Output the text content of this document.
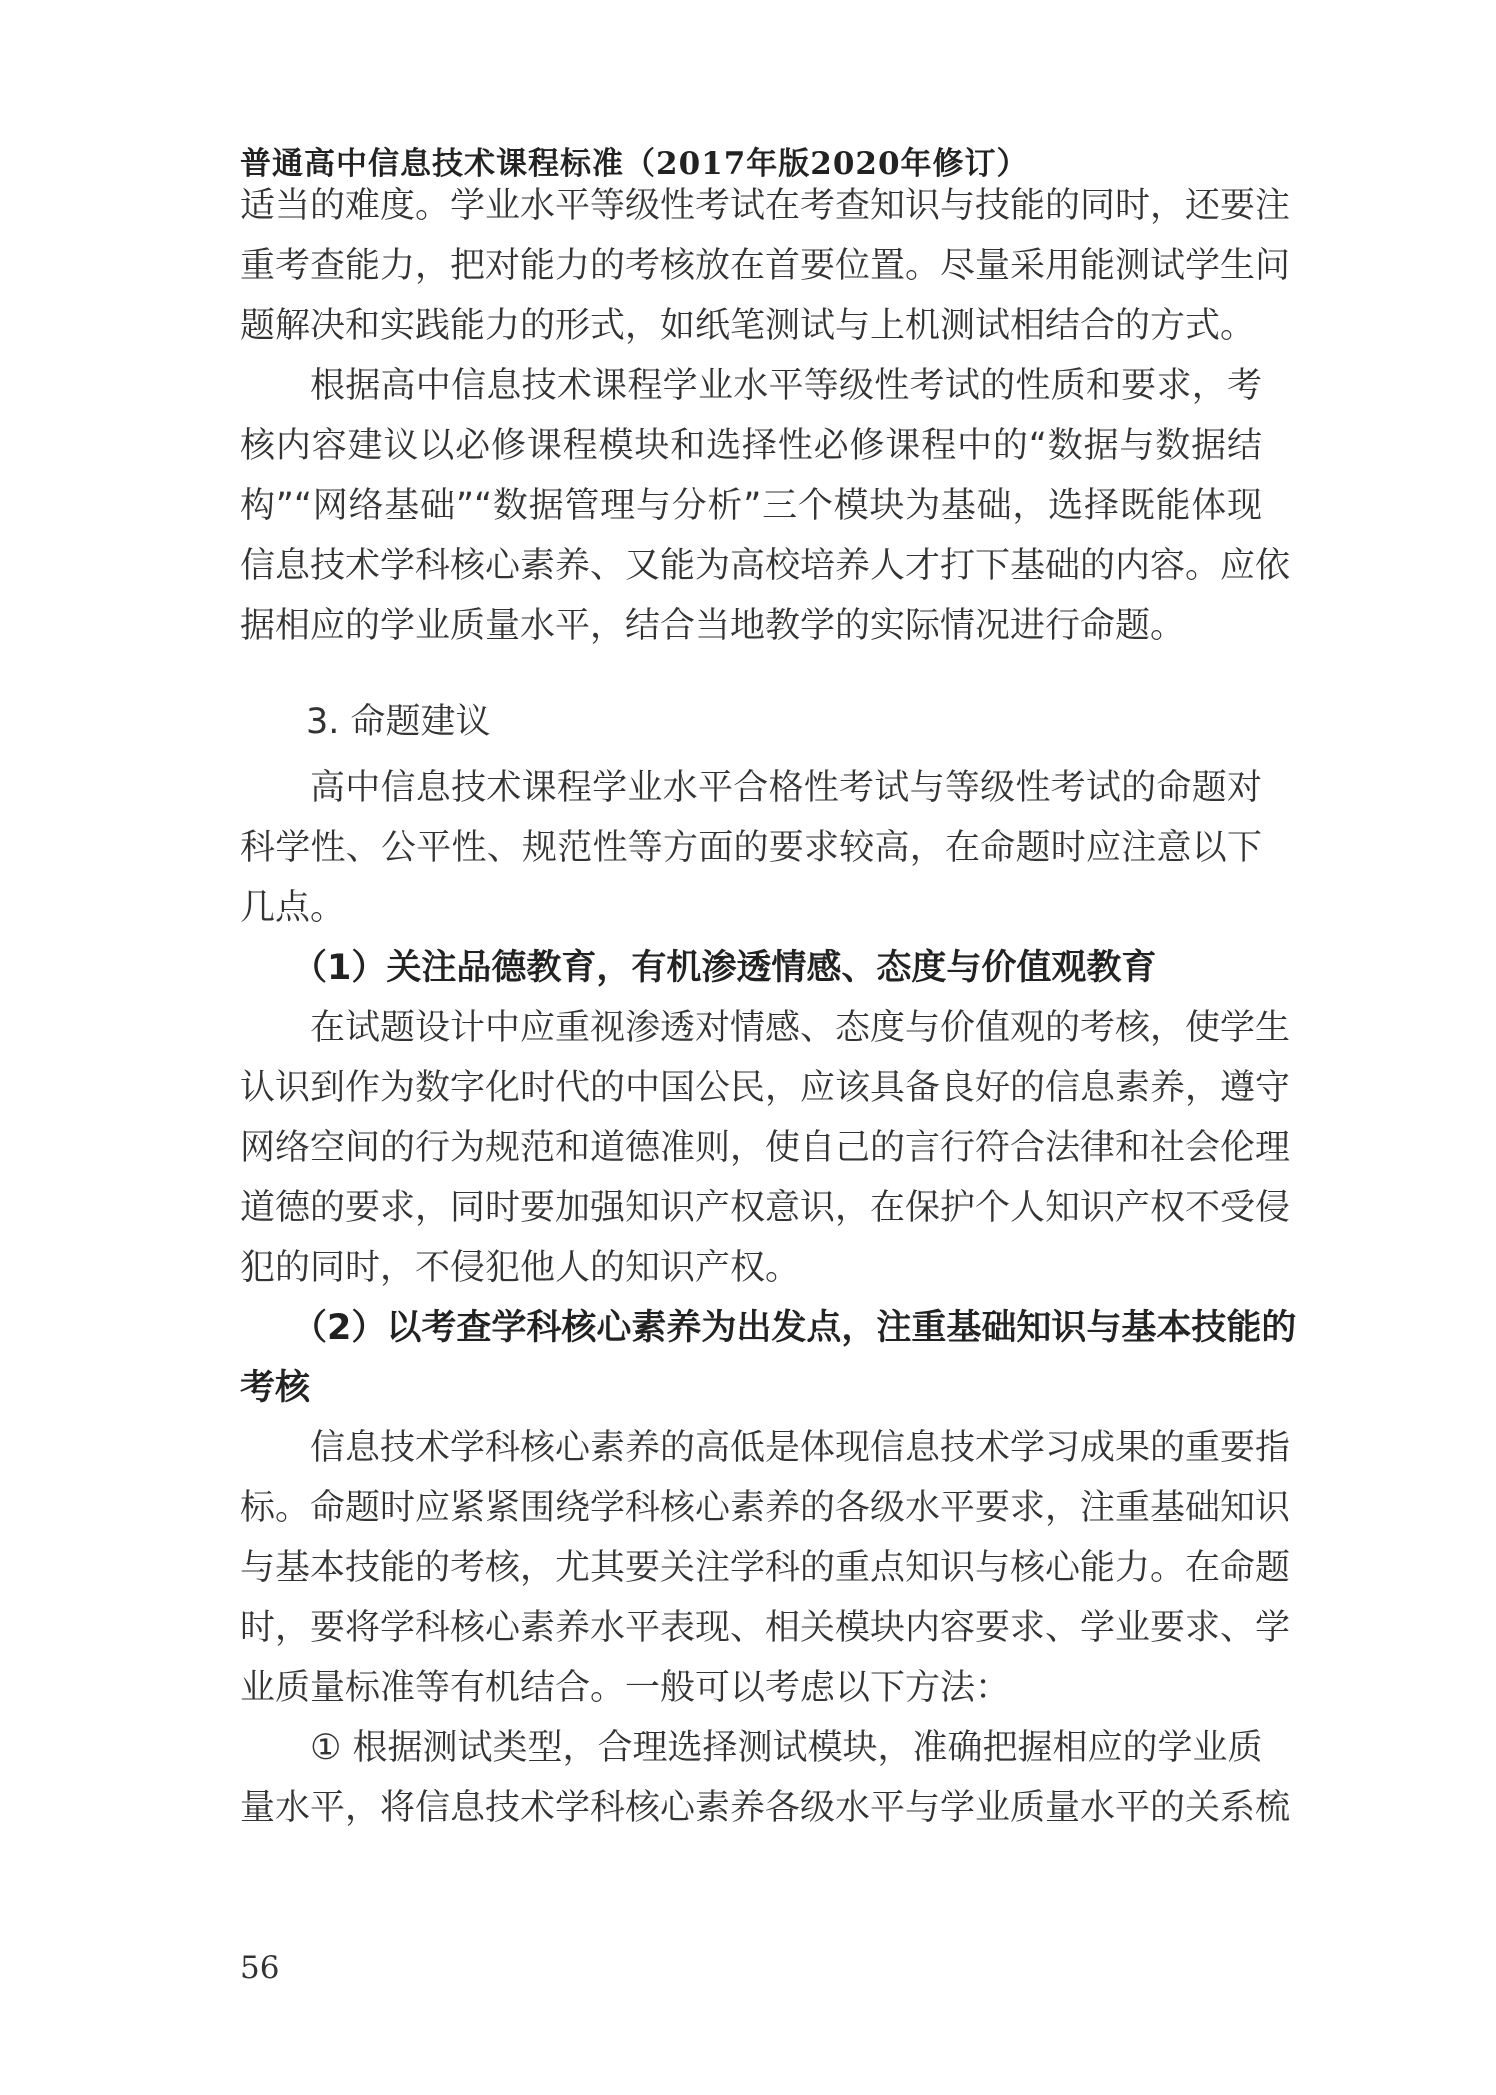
普通高中信息技术课程标准（2017年版2020年修订）
适当的难度。学业水平等级性考试在考查知识与技能的同时，还要注
重考查能力，把对能力的考核放在首要位置。尽量采用能测试学生问
题解决和实践能力的形式，如纸笔测试与上机测试相结合的方式。
根据高中信息技术课程学业水平等级性考试的性质和要求，考
核内容建议以必修课程模块和选择性必修课程中的“数据与数据结
构”“网络基础”“数据管理与分析”三个模块为基础，选择既能体现
信息技术学科核心素养、又能为高校培养人才打下基础的内容。应依
据相应的学业质量水平，结合当地教学的实际情况进行命题。
3. 命题建议
高中信息技术课程学业水平合格性考试与等级性考试的命题对
科学性、公平性、规范性等方面的要求较高，在命题时应注意以下
几点。
（1）关注品德教育，有机渗透情感、态度与价值观教育
在试题设计中应重视渗透对情感、态度与价值观的考核，使学生
认识到作为数字化时代的中国公民，应该具备良好的信息素养，遵守
网络空间的行为规范和道德准则，使自己的言行符合法律和社会伦理
道德的要求，同时要加强知识产权意识，在保护个人知识产权不受侵
犯的同时，不侵犯他人的知识产权。
（2）以考查学科核心素养为出发点，注重基础知识与基本技能的
考核
信息技术学科核心素养的高低是体现信息技术学习成果的重要指
标。命题时应紧紧围绕学科核心素养的各级水平要求，注重基础知识
与基本技能的考核，尤其要关注学科的重点知识与核心能力。在命题
时，要将学科核心素养水平表现、相关模块内容要求、学业要求、学
业质量标准等有机结合。一般可以考虑以下方法：
① 根据测试类型，合理选择测试模块，准确把握相应的学业质
量水平，将信息技术学科核心素养各级水平与学业质量水平的关系梳
56
